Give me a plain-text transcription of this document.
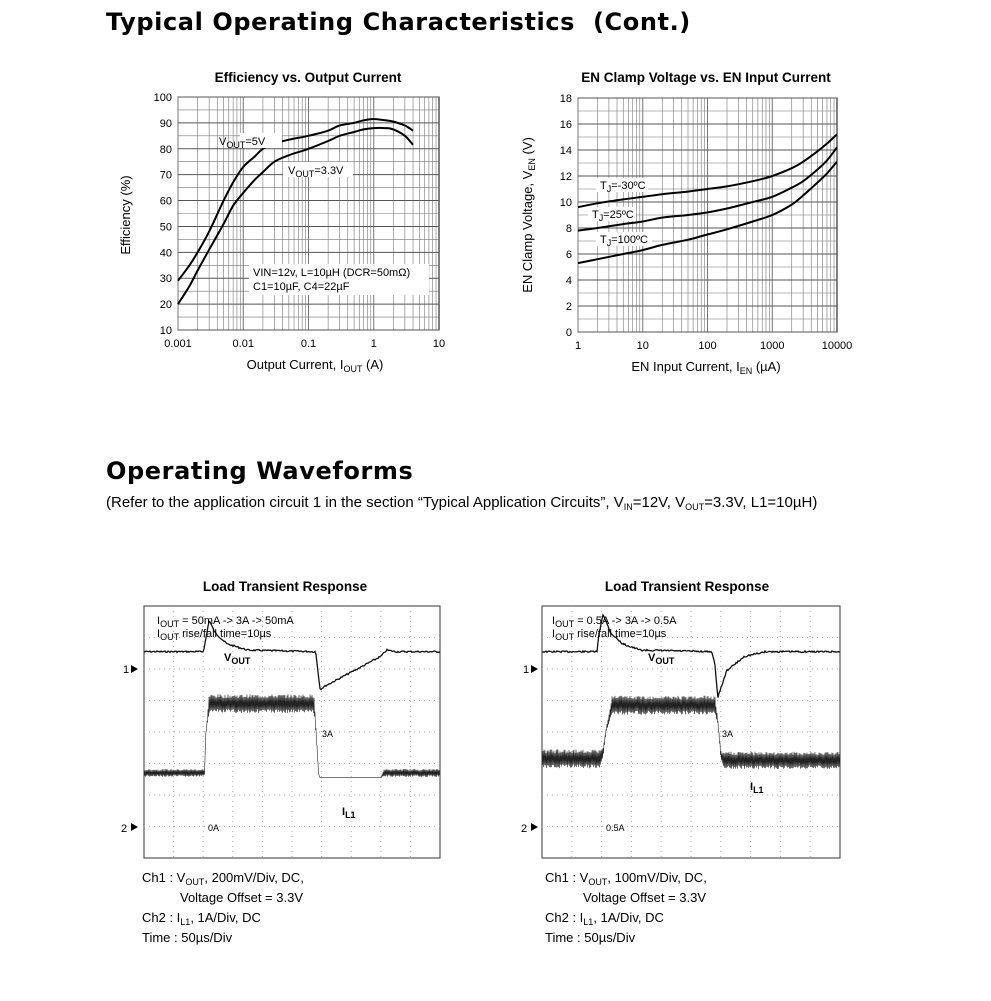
Typical Operating Characteristics  (Cont.)
Operating Waveforms
(Refer to the application circuit 1 in the section “Typical Application Circuits”, $V_{IN}=12V$, $V_{OUT}=3.3V$, L1=10µH)
Efficiency vs. Output Current
10
20
30
40
50
60
70
80
90
100
0.001	0.01	0.1	1	10
$V_{OUT}=5V$
$V_{OUT}=3.3V$
VIN=12v, L=10µH (DCR=50mΩ)
C1=10µF, C4=22µF
Output Current, $I_{OUT}$ (A)
Efficiency (%)
EN Clamp Voltage vs. EN Input Current
0
2
4
6
8
10
12
14
16
18
1	10	100	1000	10000
$T_J=-30ºC$
$T_J=25ºC$
$T_J=100ºC$
EN Input Current, $I_{EN}$ (µA)
EN Clamp Voltage, $V_{EN}$ (V)
Load Transient Response
$I_{OUT} = 50mA -> 3A -> 50mA$
$I_{OUT}$ rise/fall time=10µs
$V_{OUT}$
$I_{L1}$
3A
0A
1
2
Load Transient Response
$I_{OUT} = 0.5A -> 3A -> 0.5A$
$I_{OUT}$ rise/fall time=10µs
$V_{OUT}$
$I_{L1}$
3A
0.5A
1
2
Ch1 : $V_{OUT}$, 200mV/Div, DC,
Voltage Offset = 3.3V
Ch2 : $I_{L1}$, 1A/Div, DC
Time : 50µs/Div
Ch1 : $V_{OUT}$, 100mV/Div, DC,
Voltage Offset = 3.3V
Ch2 : $I_{L1}$, 1A/Div, DC
Time : 50µs/Div
